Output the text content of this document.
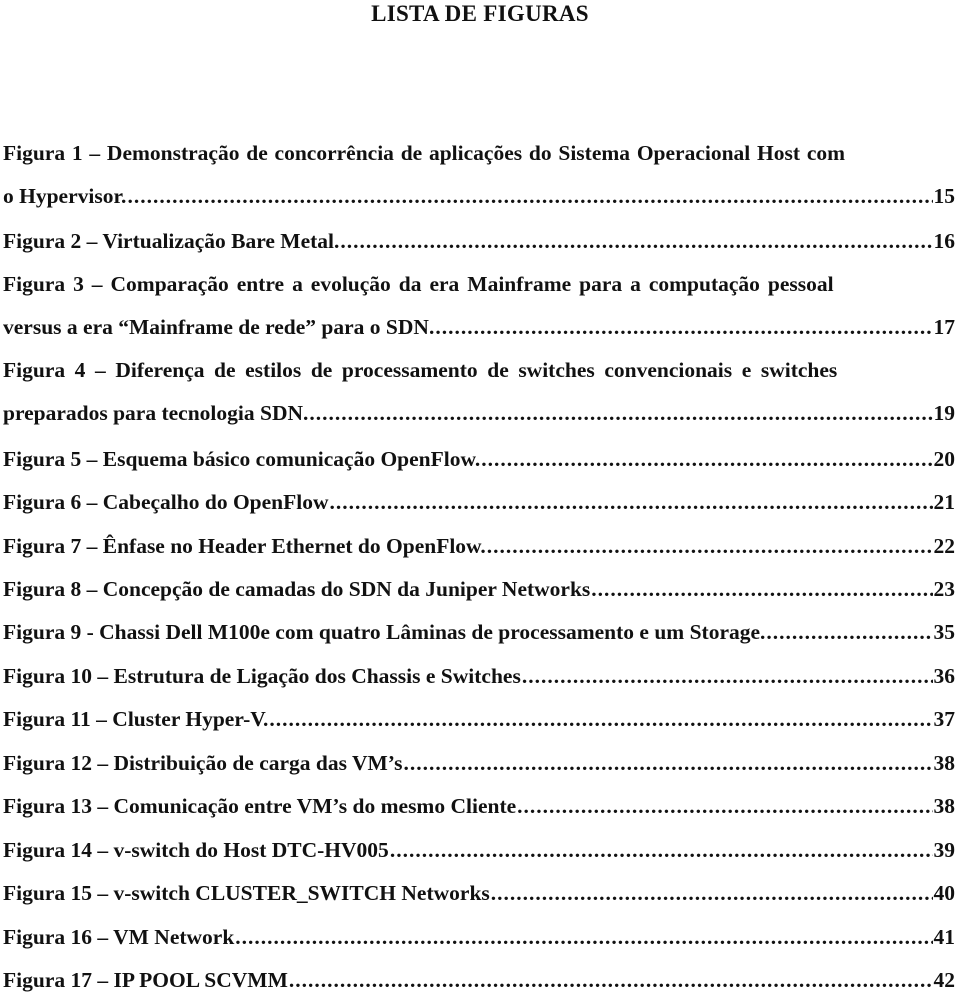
LISTA DE FIGURAS
Figura 1 – Demonstração de concorrência de aplicações do Sistema Operacional Host com
o Hypervisor. .....	15
Figura 2 – Virtualização Bare Metal. .....	16
Figura 3 – Comparação entre a evolução da era Mainframe para a computação pessoal
versus a era “Mainframe de rede” para o SDN. .....	17
Figura 4 – Diferença de estilos de processamento de switches convencionais e switches
preparados para tecnologia SDN. .....	19
Figura 5 – Esquema básico comunicação OpenFlow. .....	20
Figura 6 – Cabeçalho do OpenFlow .....	21
Figura 7 – Ênfase no Header Ethernet do OpenFlow. .....	22
Figura 8 – Concepção de camadas do SDN da Juniper Networks .....	23
Figura 9 - Chassi Dell M100e com quatro Lâminas de processamento e um Storage. .....	35
Figura 10 – Estrutura de Ligação dos Chassis e Switches .....	36
Figura 11 – Cluster Hyper-V. .....	37
Figura 12 – Distribuição de carga das VM’s .....	38
Figura 13 – Comunicação entre VM’s do mesmo Cliente .....	38
Figura 14 – v-switch do Host DTC-HV005 .....	39
Figura 15 – v-switch CLUSTER_SWITCH Networks .....	40
Figura 16 – VM Network .....	41
Figura 17 – IP POOL SCVMM .....	42
